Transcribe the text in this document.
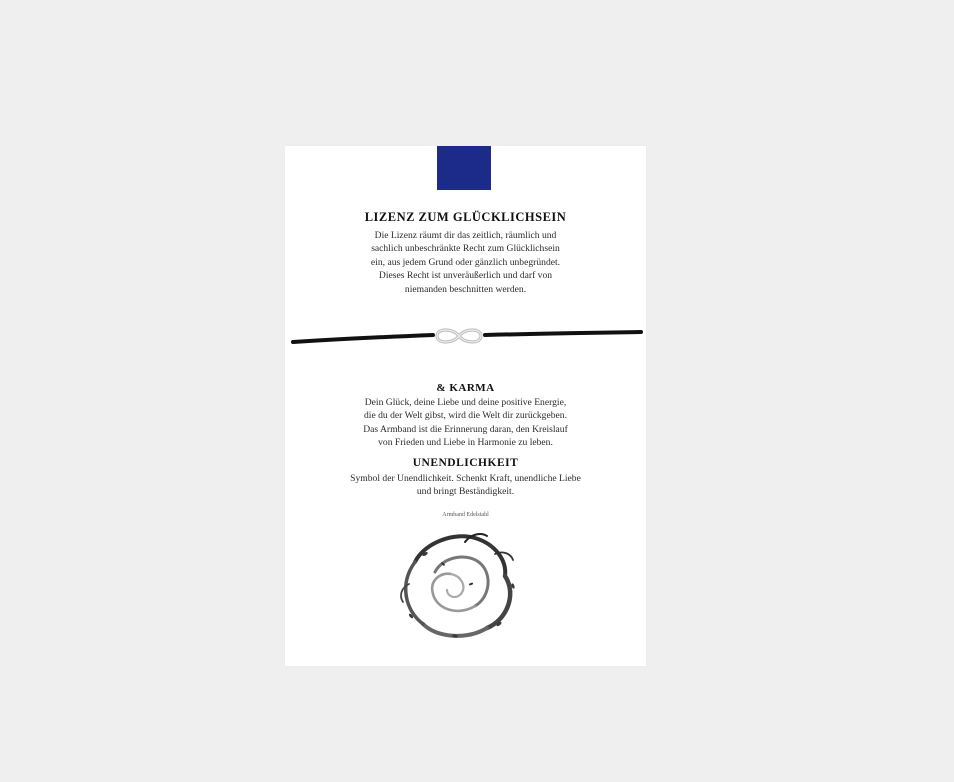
LIZENZ ZUM GLÜCKLICHSEIN
Die Lizenz räumt dir das zeitlich, räumlich und
sachlich unbeschränkte Recht zum Glücklichsein
ein, aus jedem Grund oder gänzlich unbegründet.
Dieses Recht ist unveräußerlich und darf von
niemanden beschnitten werden.
& KARMA
Dein Glück, deine Liebe und deine positive Energie,
die du der Welt gibst, wird die Welt dir zurückgeben.
Das Armband ist die Erinnerung daran, den Kreislauf
von Frieden und Liebe in Harmonie zu leben.
UNENDLICHKEIT
Symbol der Unendlichkeit. Schenkt Kraft, unendliche Liebe
und bringt Beständigkeit.
Armband Edelstahl
